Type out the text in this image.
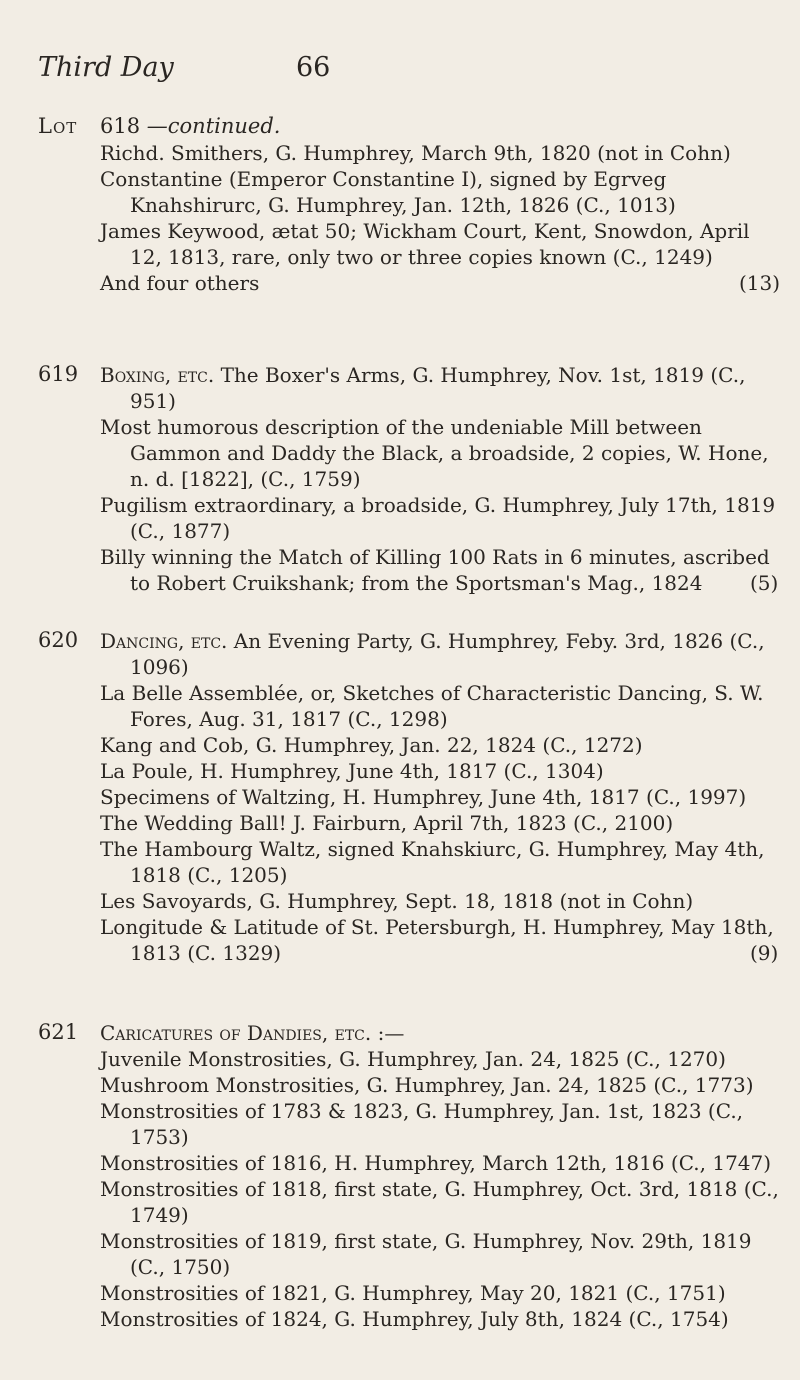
Third Day	66
Lot 618 —continued.

Richd. Smithers, G. Humphrey, March 9th, 1820 (not in Cohn)

Constantine (Emperor Constantine I), signed by Egrveg Knahshirurc, G. Humphrey, Jan. 12th, 1826 (C., 1013)

James Keywood, ætat 50; Wickham Court, Kent, Snowdon, April 12, 1813, rare, only two or three copies known (C., 1249)

And four others	(13)

619 Boxing, etc. The Boxer's Arms, G. Humphrey, Nov. 1st, 1819 (C., 951)

Most humorous description of the undeniable Mill between Gammon and Daddy the Black, a broadside, 2 copies, W. Hone, n. d. [1822], (C., 1759)

Pugilism extraordinary, a broadside, G. Humphrey, July 17th, 1819 (C., 1877)

Billy winning the Match of Killing 100 Rats in 6 minutes, ascribed to Robert Cruikshank; from the Sportsman's Mag., 1824 (5)

620 Dancing, etc. An Evening Party, G. Humphrey, Feby. 3rd, 1826 (C., 1096)

La Belle Assemblée, or, Sketches of Characteristic Dancing, S. W. Fores, Aug. 31, 1817 (C., 1298)

Kang and Cob, G. Humphrey, Jan. 22, 1824 (C., 1272)

La Poule, H. Humphrey, June 4th, 1817 (C., 1304)

Specimens of Waltzing, H. Humphrey, June 4th, 1817 (C., 1997)

The Wedding Ball! J. Fairburn, April 7th, 1823 (C., 2100)

The Hambourg Waltz, signed Knahskiurc, G. Humphrey, May 4th, 1818 (C., 1205)

Les Savoyards, G. Humphrey, Sept. 18, 1818 (not in Cohn)

Longitude & Latitude of St. Petersburgh, H. Humphrey, May 18th, 1813 (C. 1329)	(9)

621 Caricatures of Dandies, etc. :—

Juvenile Monstrosities, G. Humphrey, Jan. 24, 1825 (C., 1270)

Mushroom Monstrosities, G. Humphrey, Jan. 24, 1825 (C., 1773)

Monstrosities of 1783 & 1823, G. Humphrey, Jan. 1st, 1823 (C., 1753)

Monstrosities of 1816, H. Humphrey, March 12th, 1816 (C., 1747)

Monstrosities of 1818, first state, G. Humphrey, Oct. 3rd, 1818 (C., 1749)

Monstrosities of 1819, first state, G. Humphrey, Nov. 29th, 1819 (C., 1750)

Monstrosities of 1821, G. Humphrey, May 20, 1821 (C., 1751)

Monstrosities of 1824, G. Humphrey, July 8th, 1824 (C., 1754)
